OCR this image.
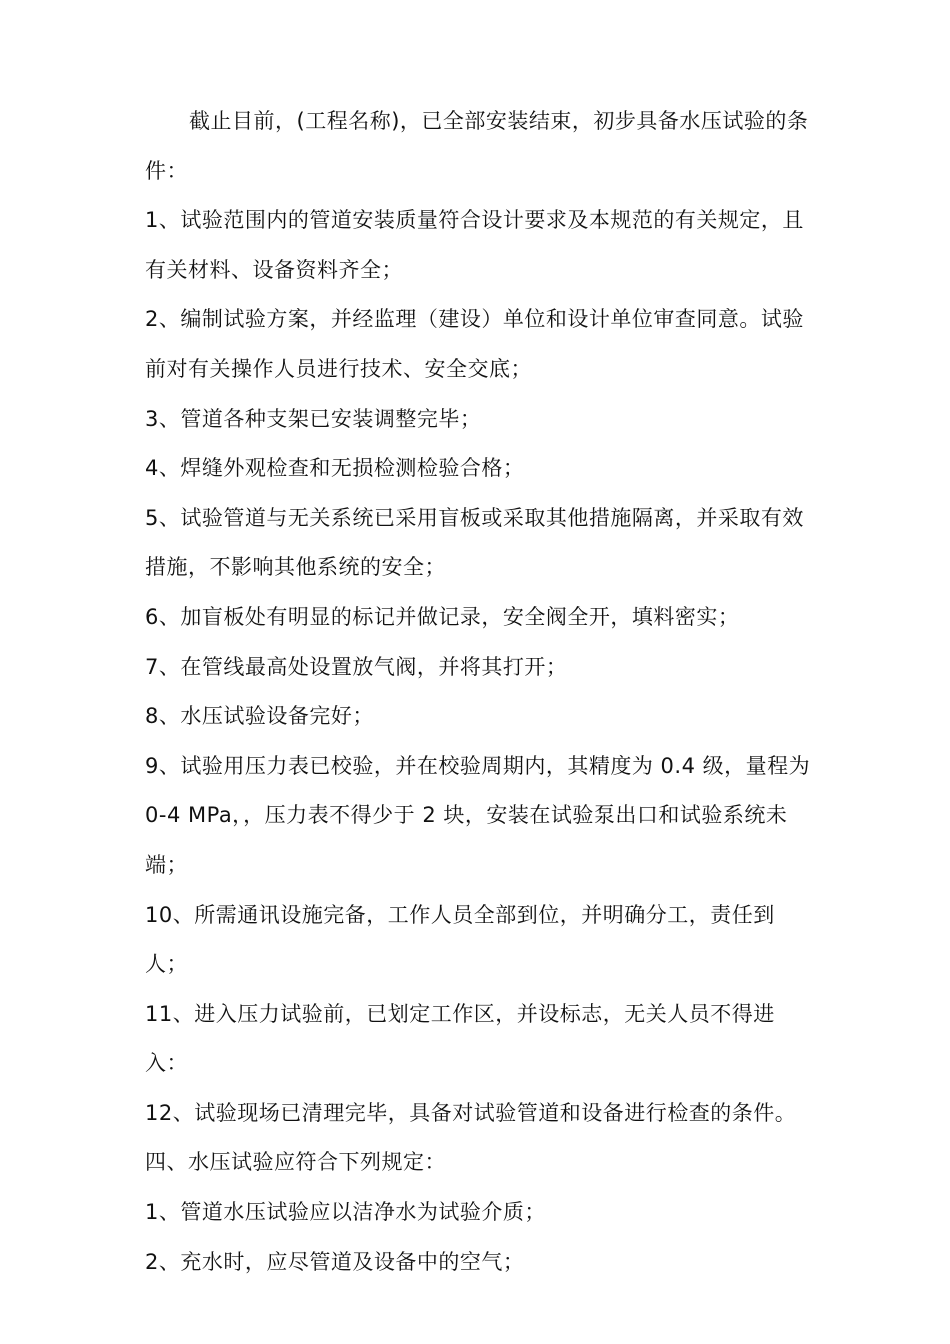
截止目前，(工程名称)，已全部安装结束，初步具备水压试验的条件：

1、试验范围内的管道安装质量符合设计要求及本规范的有关规定，且有关材料、设备资料齐全；

2、编制试验方案，并经监理（建设）单位和设计单位审查同意。试验前对有关操作人员进行技术、安全交底；

3、管道各种支架已安装调整完毕；

4、焊缝外观检查和无损检测检验合格；

5、试验管道与无关系统已采用盲板或采取其他措施隔离，并采取有效措施，不影响其他系统的安全；

6、加盲板处有明显的标记并做记录，安全阀全开，填料密实；

7、在管线最高处设置放气阀，并将其打开；

8、水压试验设备完好；

9、试验用压力表已校验，并在校验周期内，其精度为 0.4 级，量程为 0-4 MPa，，压力表不得少于 2 块，安装在试验泵出口和试验系统未端；

10、所需通讯设施完备，工作人员全部到位，并明确分工，责任到人；

11、进入压力试验前，已划定工作区，并设标志，无关人员不得进入：

12、试验现场已清理完毕，具备对试验管道和设备进行检查的条件。

四、水压试验应符合下列规定：

1、管道水压试验应以洁净水为试验介质；

2、充水时，应尽管道及设备中的空气；
